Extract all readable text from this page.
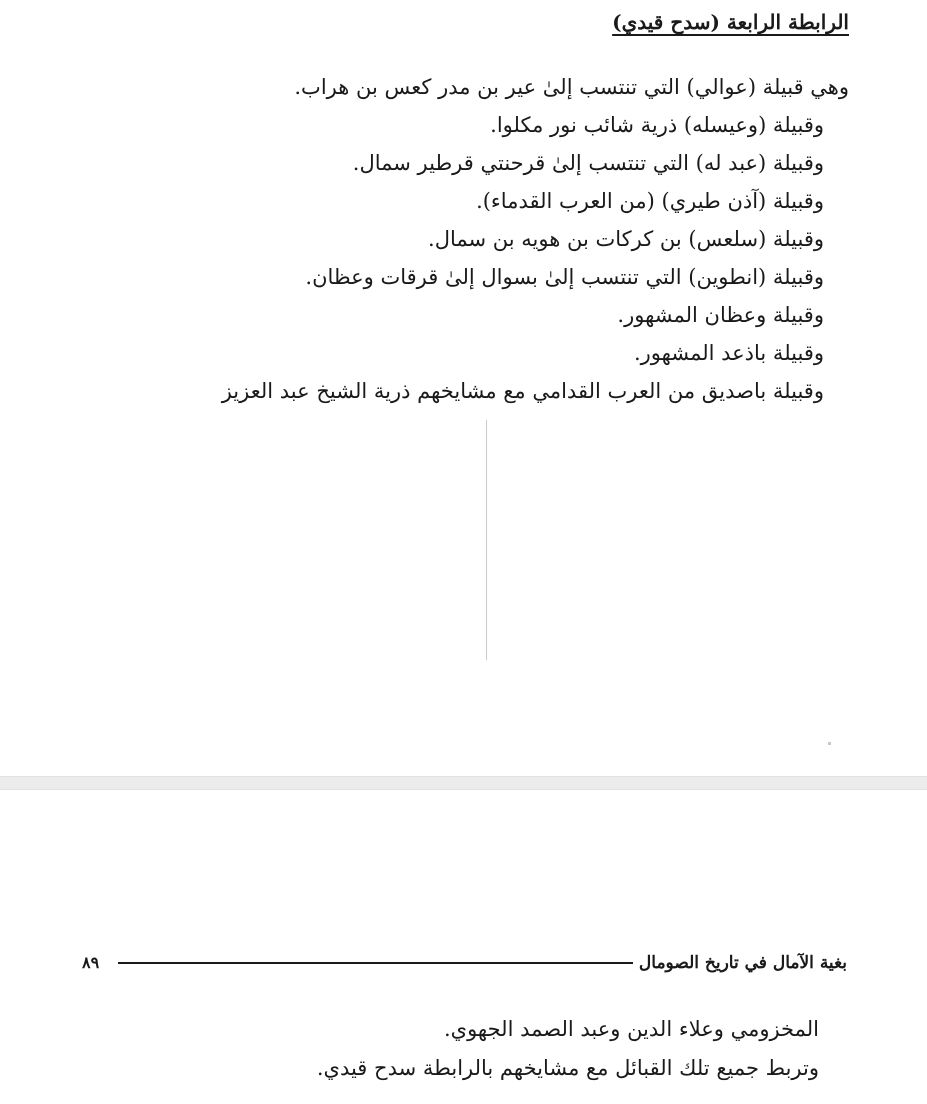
الرابطة الرابعة (سدح قيدي)
وهي قبيلة (عوالي) التي تنتسب إلىٰ عير بن مدر كعس بن هراب.
وقبيلة (وعيسله) ذرية شائب نور مكلوا.
وقبيلة (عبد له) التي تنتسب إلىٰ قرحنتي قرطير سمال.
وقبيلة (آذن طيري) (من العرب القدماء).
وقبيلة (سلعس) بن كركات بن هويه بن سمال.
وقبيلة (انطوين) التي تنتسب إلىٰ بسوال إلىٰ قرقات وعظان.
وقبيلة وعظان المشهور.
وقبيلة باذعد المشهور.
وقبيلة باصديق من العرب القدامي مع مشايخهم ذرية الشيخ عبد العزيز
بغية الآمال في تاريخ الصومال
٨٩
المخزومي وعلاء الدين وعبد الصمد الجهوي.
وتربط جميع تلك القبائل مع مشايخهم بالرابطة سدح قيدي.
